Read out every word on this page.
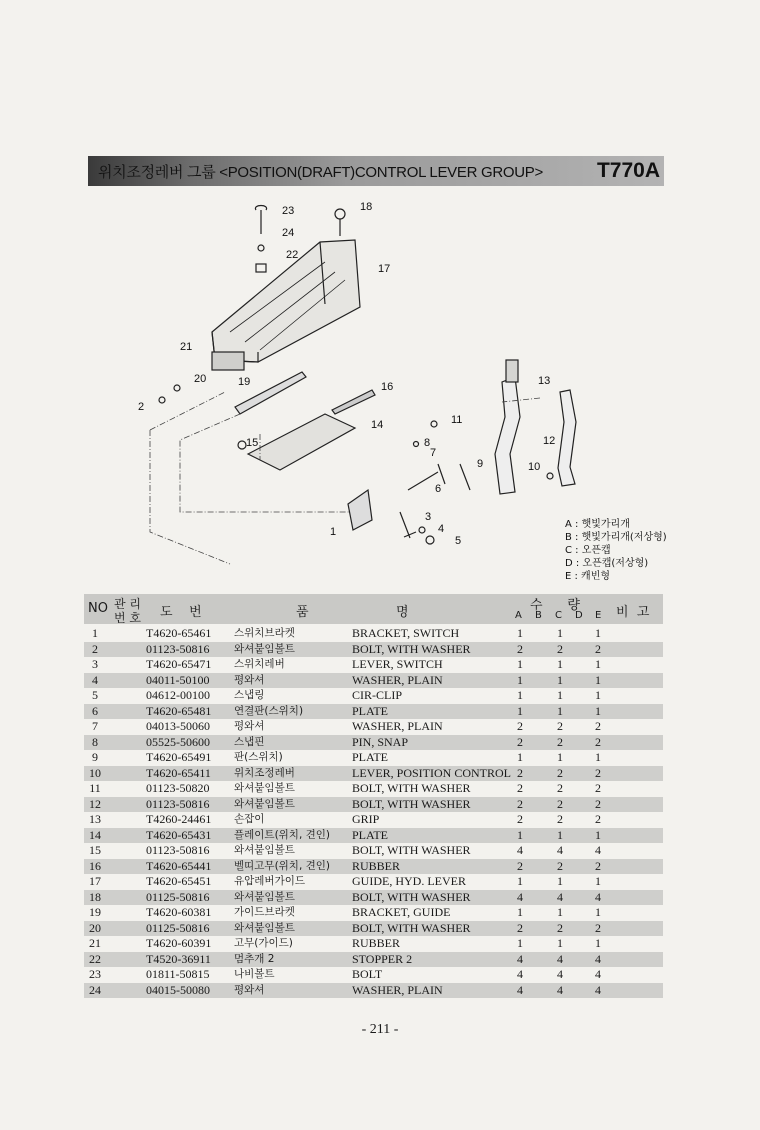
위치조정레버 그룹 <POSITION(DRAFT)CONTROL LEVER GROUP>	T770A
1
2
3
4
5
6
7
8
9	10
11
12
13
14
15
16
17
18
19
20
21
22
23
24
A : 햇빛가리개
B : 햇빛가리개(저상형)
C : 오픈캡
D : 오픈캡(저상형)
E : 캐빈형
NO 관 리
번 호 도    번	품	명	수      량
A B C D E 비  고
1	T4620-65461 스위치브라켓	BRACKET, SWITCH	1	1	1
2	01123-50816 와셔붙임볼트	BOLT, WITH WASHER	2	2	2
3	T4620-65471 스위치레버	LEVER, SWITCH	1	1	1
4	04011-50100 평와셔	WASHER, PLAIN	1	1	1
5	04612-00100 스냅링	CIR-CLIP	1	1	1
6	T4620-65481 연결판(스위치)	PLATE	1	1	1
7	04013-50060 평와셔	WASHER, PLAIN	2	2	2
8	05525-50600 스냅핀	PIN, SNAP	2	2	2
9	T4620-65491 판(스위치)	PLATE	1	1	1
10	T4620-65411 위치조정레버	LEVER, POSITION CONTROL 2	2	2
11	01123-50820 와셔붙임볼트	BOLT, WITH WASHER	2	2	2
12	01123-50816 와셔붙임볼트	BOLT, WITH WASHER	2	2	2
13	T4260-24461 손잡이	GRIP	2	2	2
14	T4620-65431 플레이트(위치, 견인) PLATE	1	1	1
15	01123-50816 와셔붙임볼트	BOLT, WITH WASHER	4	4	4
16	T4620-65441 벨띠고무(위치, 견인) RUBBER	2	2	2
17	T4620-65451 유압레버가이드	GUIDE, HYD. LEVER	1	1	1
18	01125-50816 와셔붙임볼트	BOLT, WITH WASHER	4	4	4
19	T4620-60381 가이드브라켓	BRACKET, GUIDE	1	1	1
20	01125-50816 와셔붙임볼트	BOLT, WITH WASHER	2	2	2
21	T4620-60391 고무(가이드)	RUBBER	1	1	1
22	T4520-36911 멈추개 2	STOPPER 2	4	4	4
23	01811-50815 나비볼트	BOLT	4	4	4
24	04015-50080 평와셔	WASHER, PLAIN	4	4	4
- 211 -
